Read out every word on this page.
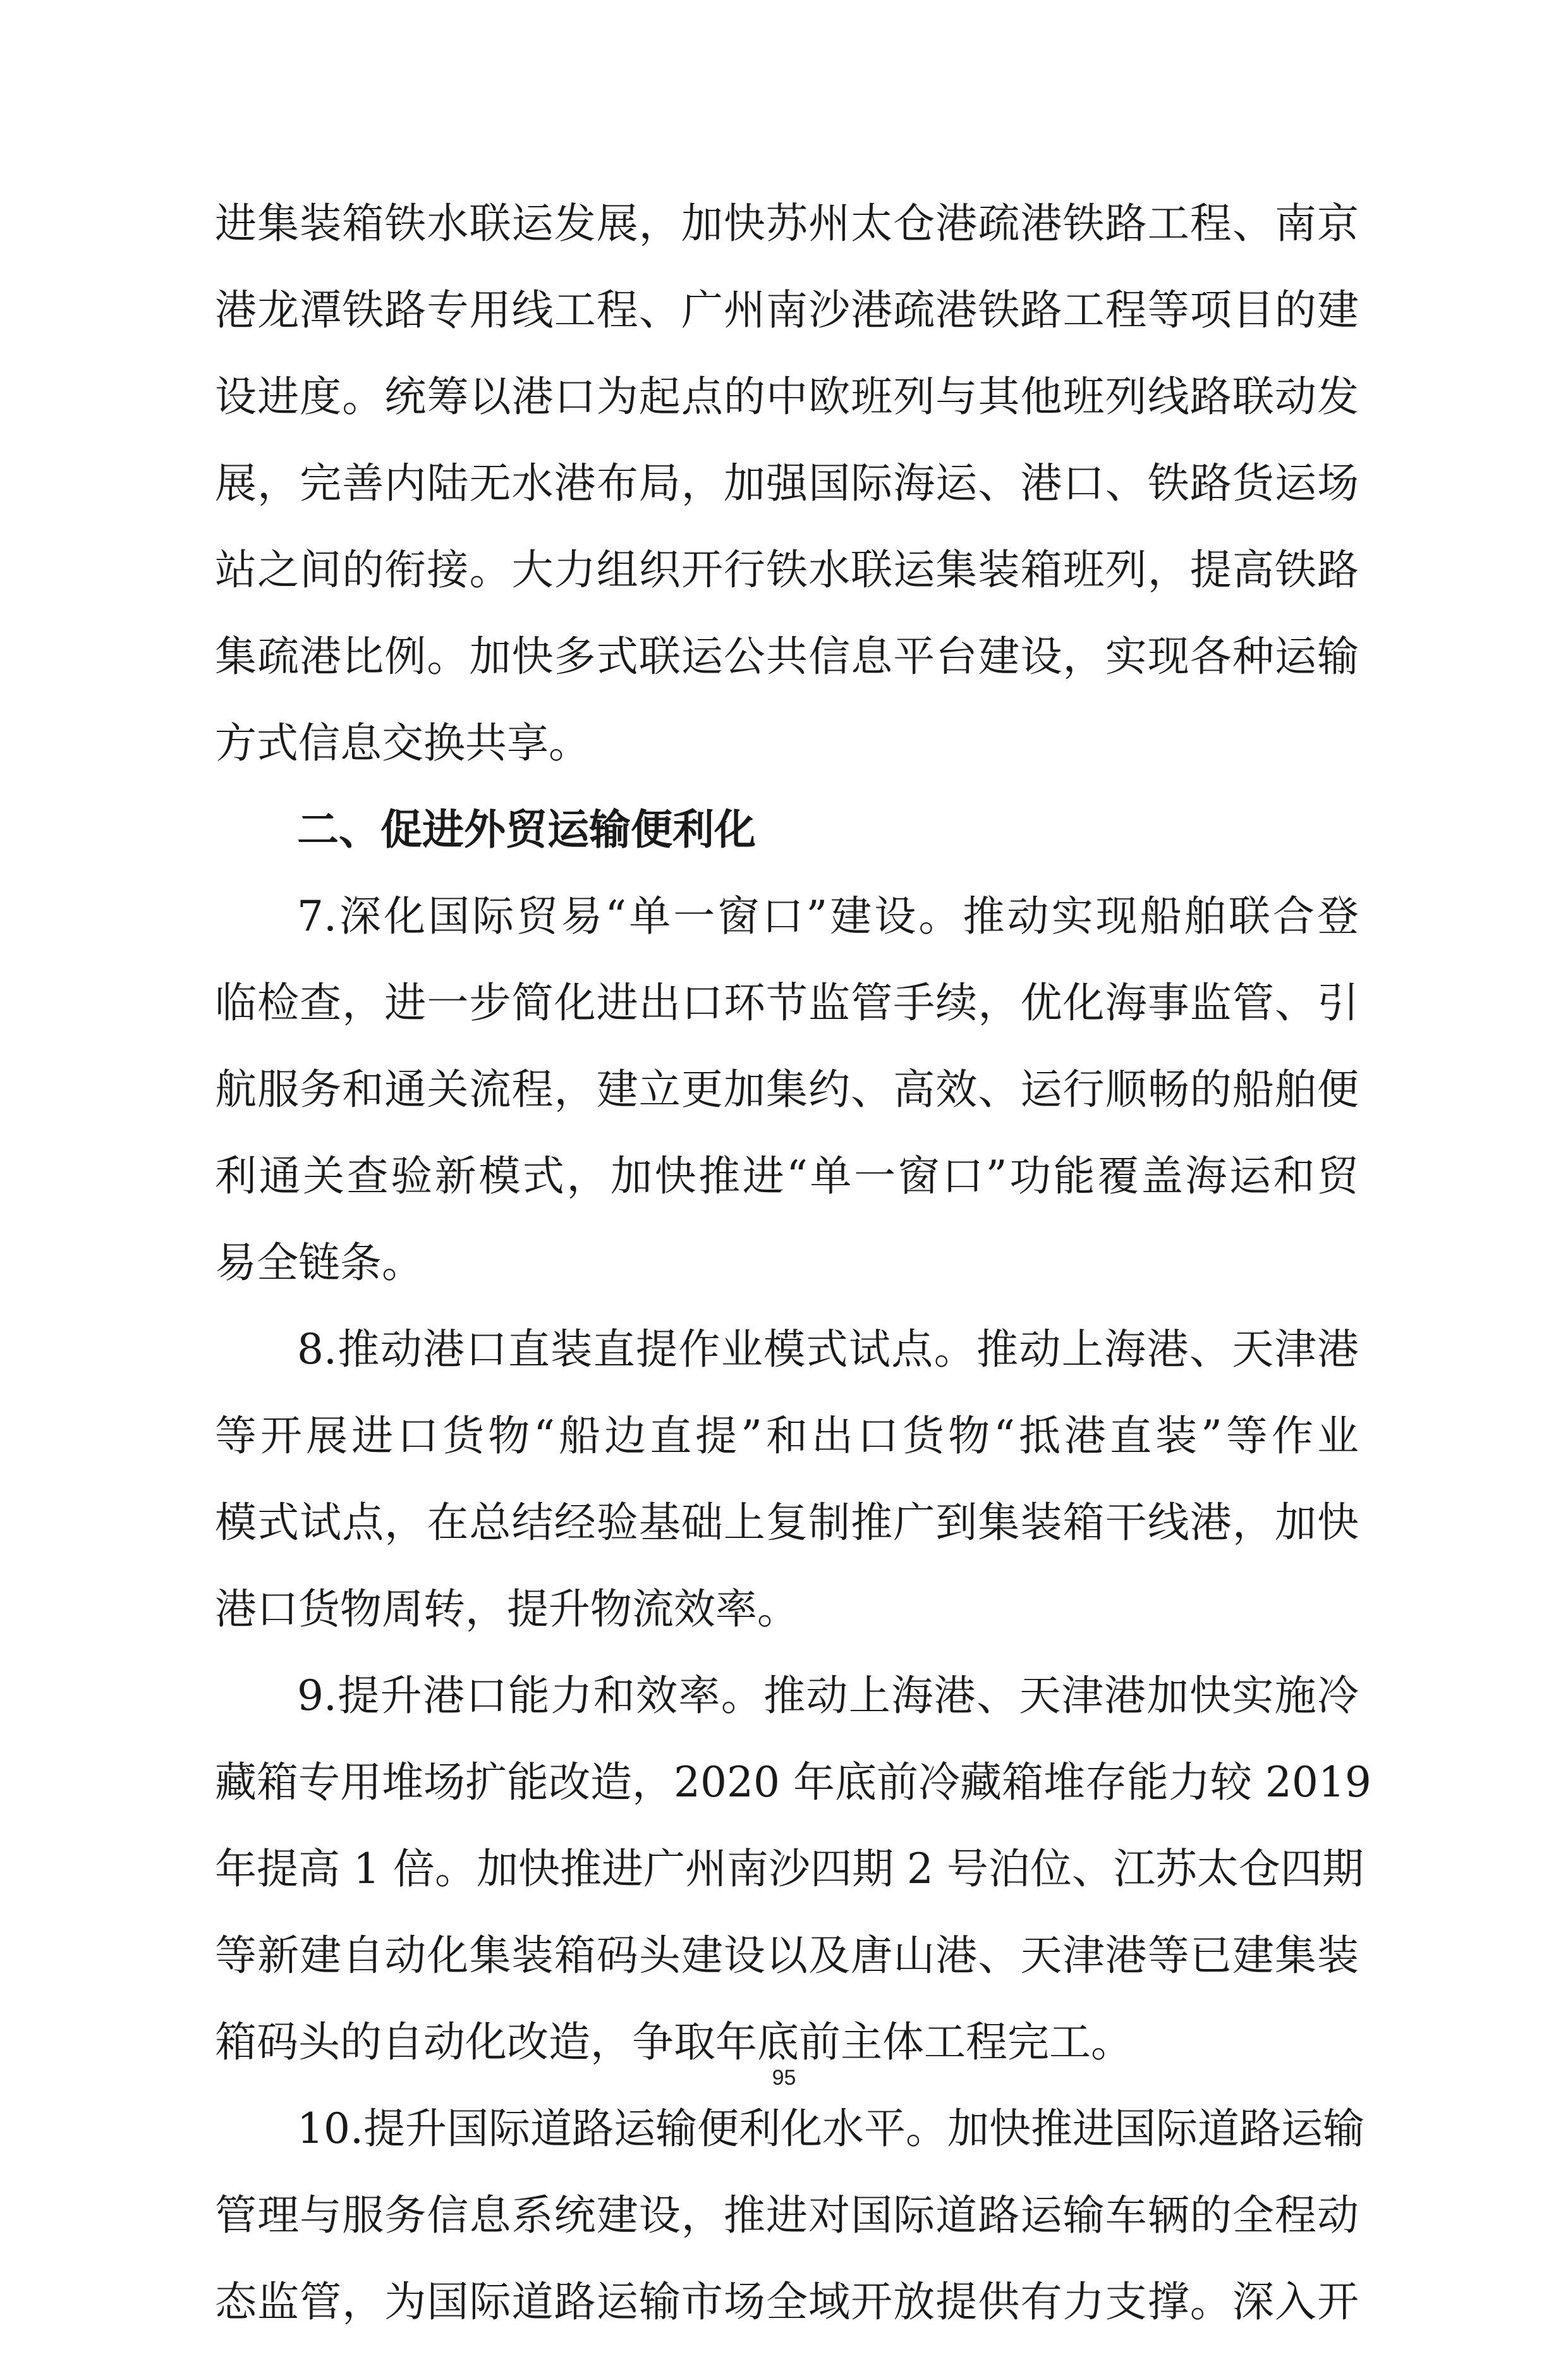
进集装箱铁水联运发展，加快苏州太仓港疏港铁路工程、南京
港龙潭铁路专用线工程、广州南沙港疏港铁路工程等项目的建
设进度。统筹以港口为起点的中欧班列与其他班列线路联动发
展，完善内陆无水港布局，加强国际海运、港口、铁路货运场
站之间的衔接。大力组织开行铁水联运集装箱班列，提高铁路
集疏港比例。加快多式联运公共信息平台建设，实现各种运输
方式信息交换共享。
二、促进外贸运输便利化
7.深化国际贸易“单一窗口”建设。推动实现船舶联合登
临检查，进一步简化进出口环节监管手续，优化海事监管、引
航服务和通关流程，建立更加集约、高效、运行顺畅的船舶便
利通关查验新模式，加快推进“单一窗口”功能覆盖海运和贸
易全链条。
8.推动港口直装直提作业模式试点。推动上海港、天津港
等开展进口货物“船边直提”和出口货物“抵港直装”等作业
模式试点，在总结经验基础上复制推广到集装箱干线港，加快
港口货物周转，提升物流效率。
9.提升港口能力和效率。推动上海港、天津港加快实施冷
藏箱专用堆场扩能改造，2020 年底前冷藏箱堆存能力较 2019
年提高 1 倍。加快推进广州南沙四期 2 号泊位、江苏太仓四期
等新建自动化集装箱码头建设以及唐山港、天津港等已建集装
箱码头的自动化改造，争取年底前主体工程完工。
10.提升国际道路运输便利化水平。加快推进国际道路运输
管理与服务信息系统建设，推进对国际道路运输车辆的全程动
态监管，为国际道路运输市场全域开放提供有力支撑。深入开
95
